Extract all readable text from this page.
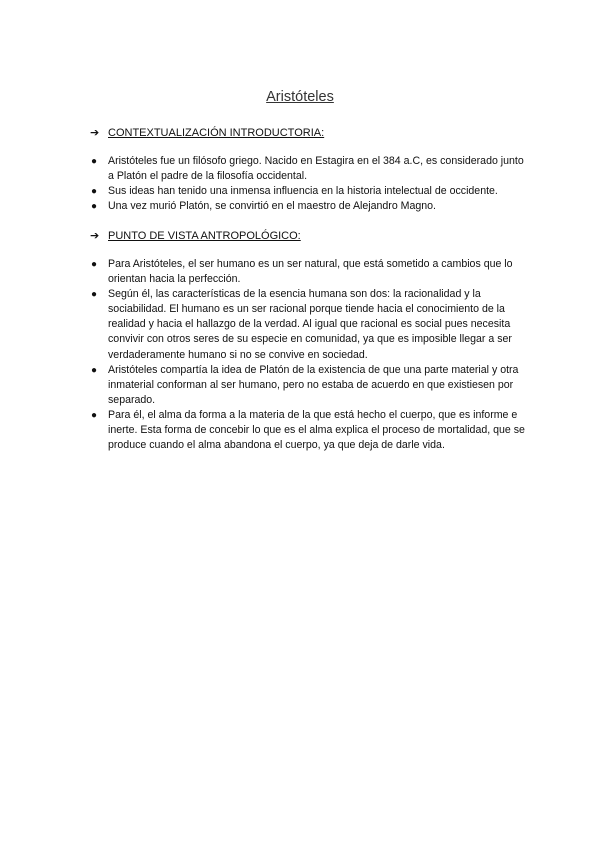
Aristóteles
➔ CONTEXTUALIZACIÓN INTRODUCTORIA:
● Aristóteles fue un filósofo griego. Nacido en Estagira en el 384 a.C, es considerado junto a Platón el padre de la filosofía occidental.
● Sus ideas han tenido una inmensa influencia en la historia intelectual de occidente.
● Una vez murió Platón, se convirtió en el maestro de Alejandro Magno.
➔ PUNTO DE VISTA ANTROPOLÓGICO:
● Para Aristóteles, el ser humano es un ser natural, que está sometido a cambios que lo orientan hacia la perfección.
● Según él, las características de la esencia humana son dos: la racionalidad y la sociabilidad. El humano es un ser racional porque tiende hacia el conocimiento de la realidad y hacia el hallazgo de la verdad. Al igual que racional es social pues necesita convivir con otros seres de su especie en comunidad, ya que es imposible llegar a ser verdaderamente humano si no se convive en sociedad.
● Aristóteles compartía la idea de Platón de la existencia de que una parte material y otra inmaterial conforman al ser humano, pero no estaba de acuerdo en que existiesen por separado.
● Para él, el alma da forma a la materia de la que está hecho el cuerpo, que es informe e inerte. Esta forma de concebir lo que es el alma explica el proceso de mortalidad, que se produce cuando el alma abandona el cuerpo, ya que deja de darle vida.
